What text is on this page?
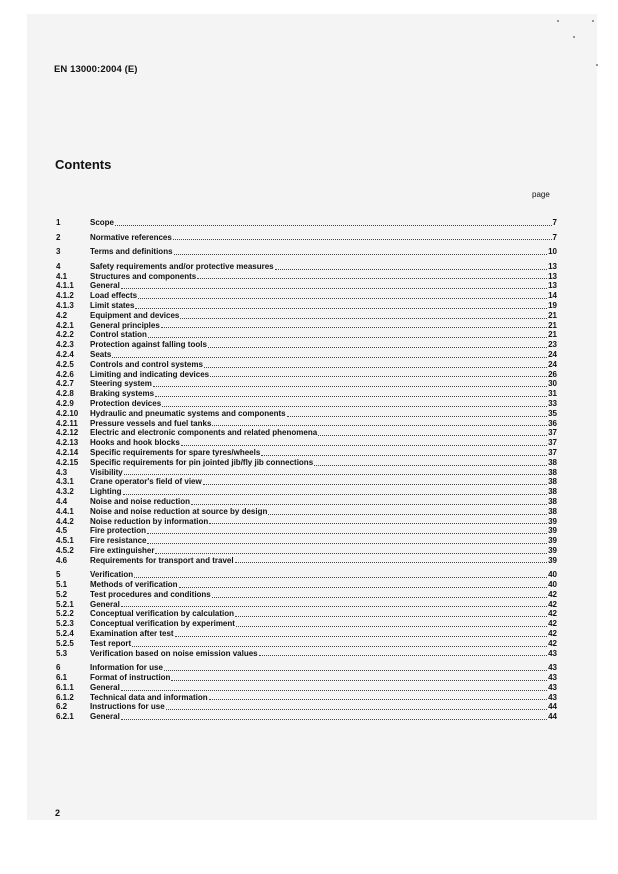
EN 13000:2004 (E)
Contents
page
1	Scope	7
2	Normative references	7
3	Terms and definitions	10
4	Safety requirements and/or protective measures	13
4.1	Structures and components	13
4.1.1	General	13
4.1.2	Load effects	14
4.1.3	Limit states	19
4.2	Equipment and devices	21
4.2.1	General principles	21
4.2.2	Control station	21
4.2.3	Protection against falling tools	23
4.2.4	Seats	24
4.2.5	Controls and control systems	24
4.2.6	Limiting and indicating devices	26
4.2.7	Steering system	30
4.2.8	Braking systems	31
4.2.9	Protection devices	33
4.2.10	Hydraulic and pneumatic systems and components	35
4.2.11	Pressure vessels and fuel tanks	36
4.2.12	Electric and electronic components and related phenomena	37
4.2.13	Hooks and hook blocks	37
4.2.14	Specific requirements for spare tyres/wheels	37
4.2.15	Specific requirements for pin jointed jib/fly jib connections	38
4.3	Visibility	38
4.3.1	Crane operator's field of view	38
4.3.2	Lighting	38
4.4	Noise and noise reduction	38
4.4.1	Noise and noise reduction at source by design	38
4.4.2	Noise reduction by information	39
4.5	Fire protection	39
4.5.1	Fire resistance	39
4.5.2	Fire extinguisher	39
4.6	Requirements for transport and travel	39
5	Verification	40
5.1	Methods of verification	40
5.2	Test procedures and conditions	42
5.2.1	General	42
5.2.2	Conceptual verification by calculation	42
5.2.3	Conceptual verification by experiment	42
5.2.4	Examination after test	42
5.2.5	Test report	42
5.3	Verification based on noise emission values	43
6	Information for use	43
6.1	Format of instruction	43
6.1.1	General	43
6.1.2	Technical data and information	43
6.2	Instructions for use	44
6.2.1	General	44
2
